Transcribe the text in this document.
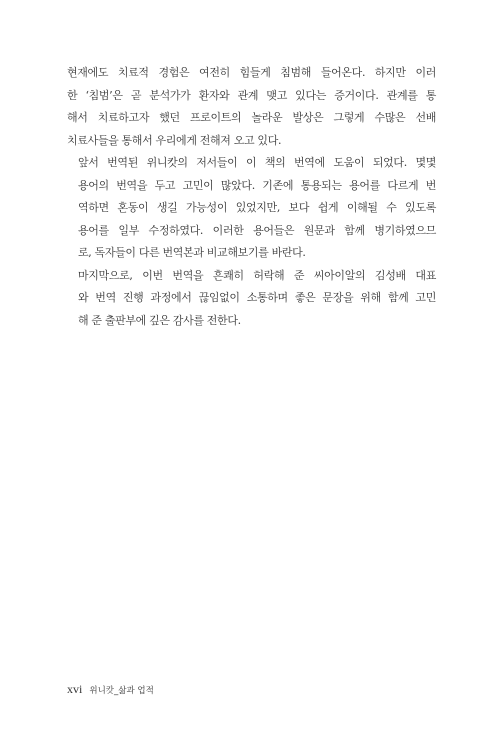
현재에도 치료적 경험은 여전히 힘들게 침범해 들어온다. 하지만 이러
한 ‘침범’은 곧 분석가가 환자와 관계 맺고 있다는 증거이다. 관계를 통
해서 치료하고자 했던 프로이트의 놀라운 발상은 그렇게 수많은 선배
치료사들을 통해서 우리에게 전해져 오고 있다.

앞서 번역된 위니캇의 저서들이 이 책의 번역에 도움이 되었다. 몇몇
용어의 번역을 두고 고민이 많았다. 기존에 통용되는 용어를 다르게 번
역하면 혼동이 생길 가능성이 있었지만, 보다 쉽게 이해될 수 있도록
용어를 일부 수정하였다. 이러한 용어들은 원문과 함께 병기하였으므
로, 독자들이 다른 번역본과 비교해보기를 바란다.

마지막으로, 이번 번역을 흔쾌히 허락해 준 씨아이알의 김성배 대표
와 번역 진행 과정에서 끊임없이 소통하며 좋은 문장을 위해 함께 고민
해 준 출판부에 깊은 감사를 전한다.

xvi 위니캇_삶과 업적
